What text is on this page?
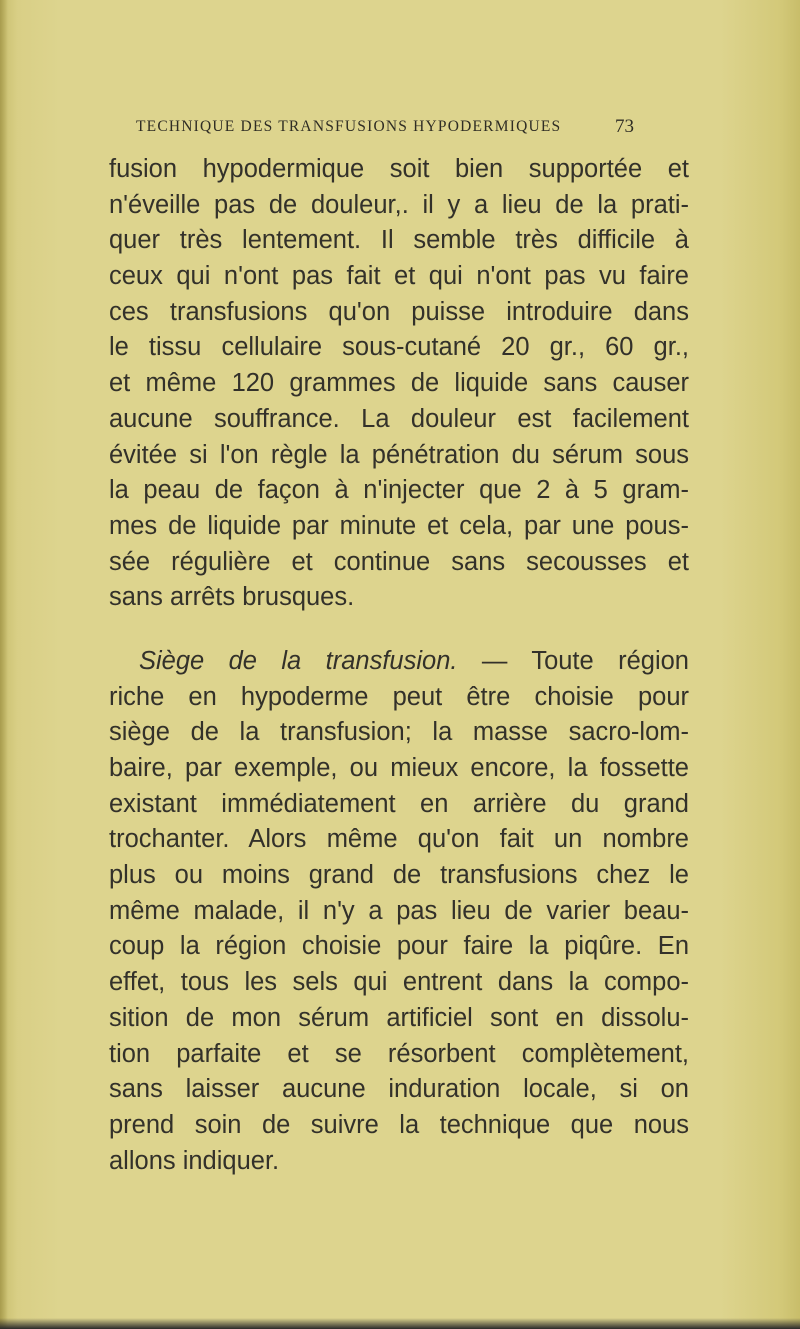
TECHNIQUE DES TRANSFUSIONS HYPODERMIQUES	73
fusion hypodermique soit bien supportée et
n'éveille pas de douleur,. il y a lieu de la prati-
quer très lentement. Il semble très difficile à
ceux qui n'ont pas fait et qui n'ont pas vu faire
ces transfusions qu'on puisse introduire dans
le tissu cellulaire sous-cutané 20 gr., 60 gr.,
et même 120 grammes de liquide sans causer
aucune souffrance. La douleur est facilement
évitée si l'on règle la pénétration du sérum sous
la peau de façon à n'injecter que 2 à 5 gram-
mes de liquide par minute et cela, par une pous-
sée régulière et continue sans secousses et
sans arrêts brusques.
Siège de la transfusion. — Toute région
riche en hypoderme peut être choisie pour
siège de la transfusion; la masse sacro-lom-
baire, par exemple, ou mieux encore, la fossette
existant immédiatement en arrière du grand
trochanter. Alors même qu'on fait un nombre
plus ou moins grand de transfusions chez le
même malade, il n'y a pas lieu de varier beau-
coup la région choisie pour faire la piqûre. En
effet, tous les sels qui entrent dans la compo-
sition de mon sérum artificiel sont en dissolu-
tion parfaite et se résorbent complètement,
sans laisser aucune induration locale, si on
prend soin de suivre la technique que nous
allons indiquer.
